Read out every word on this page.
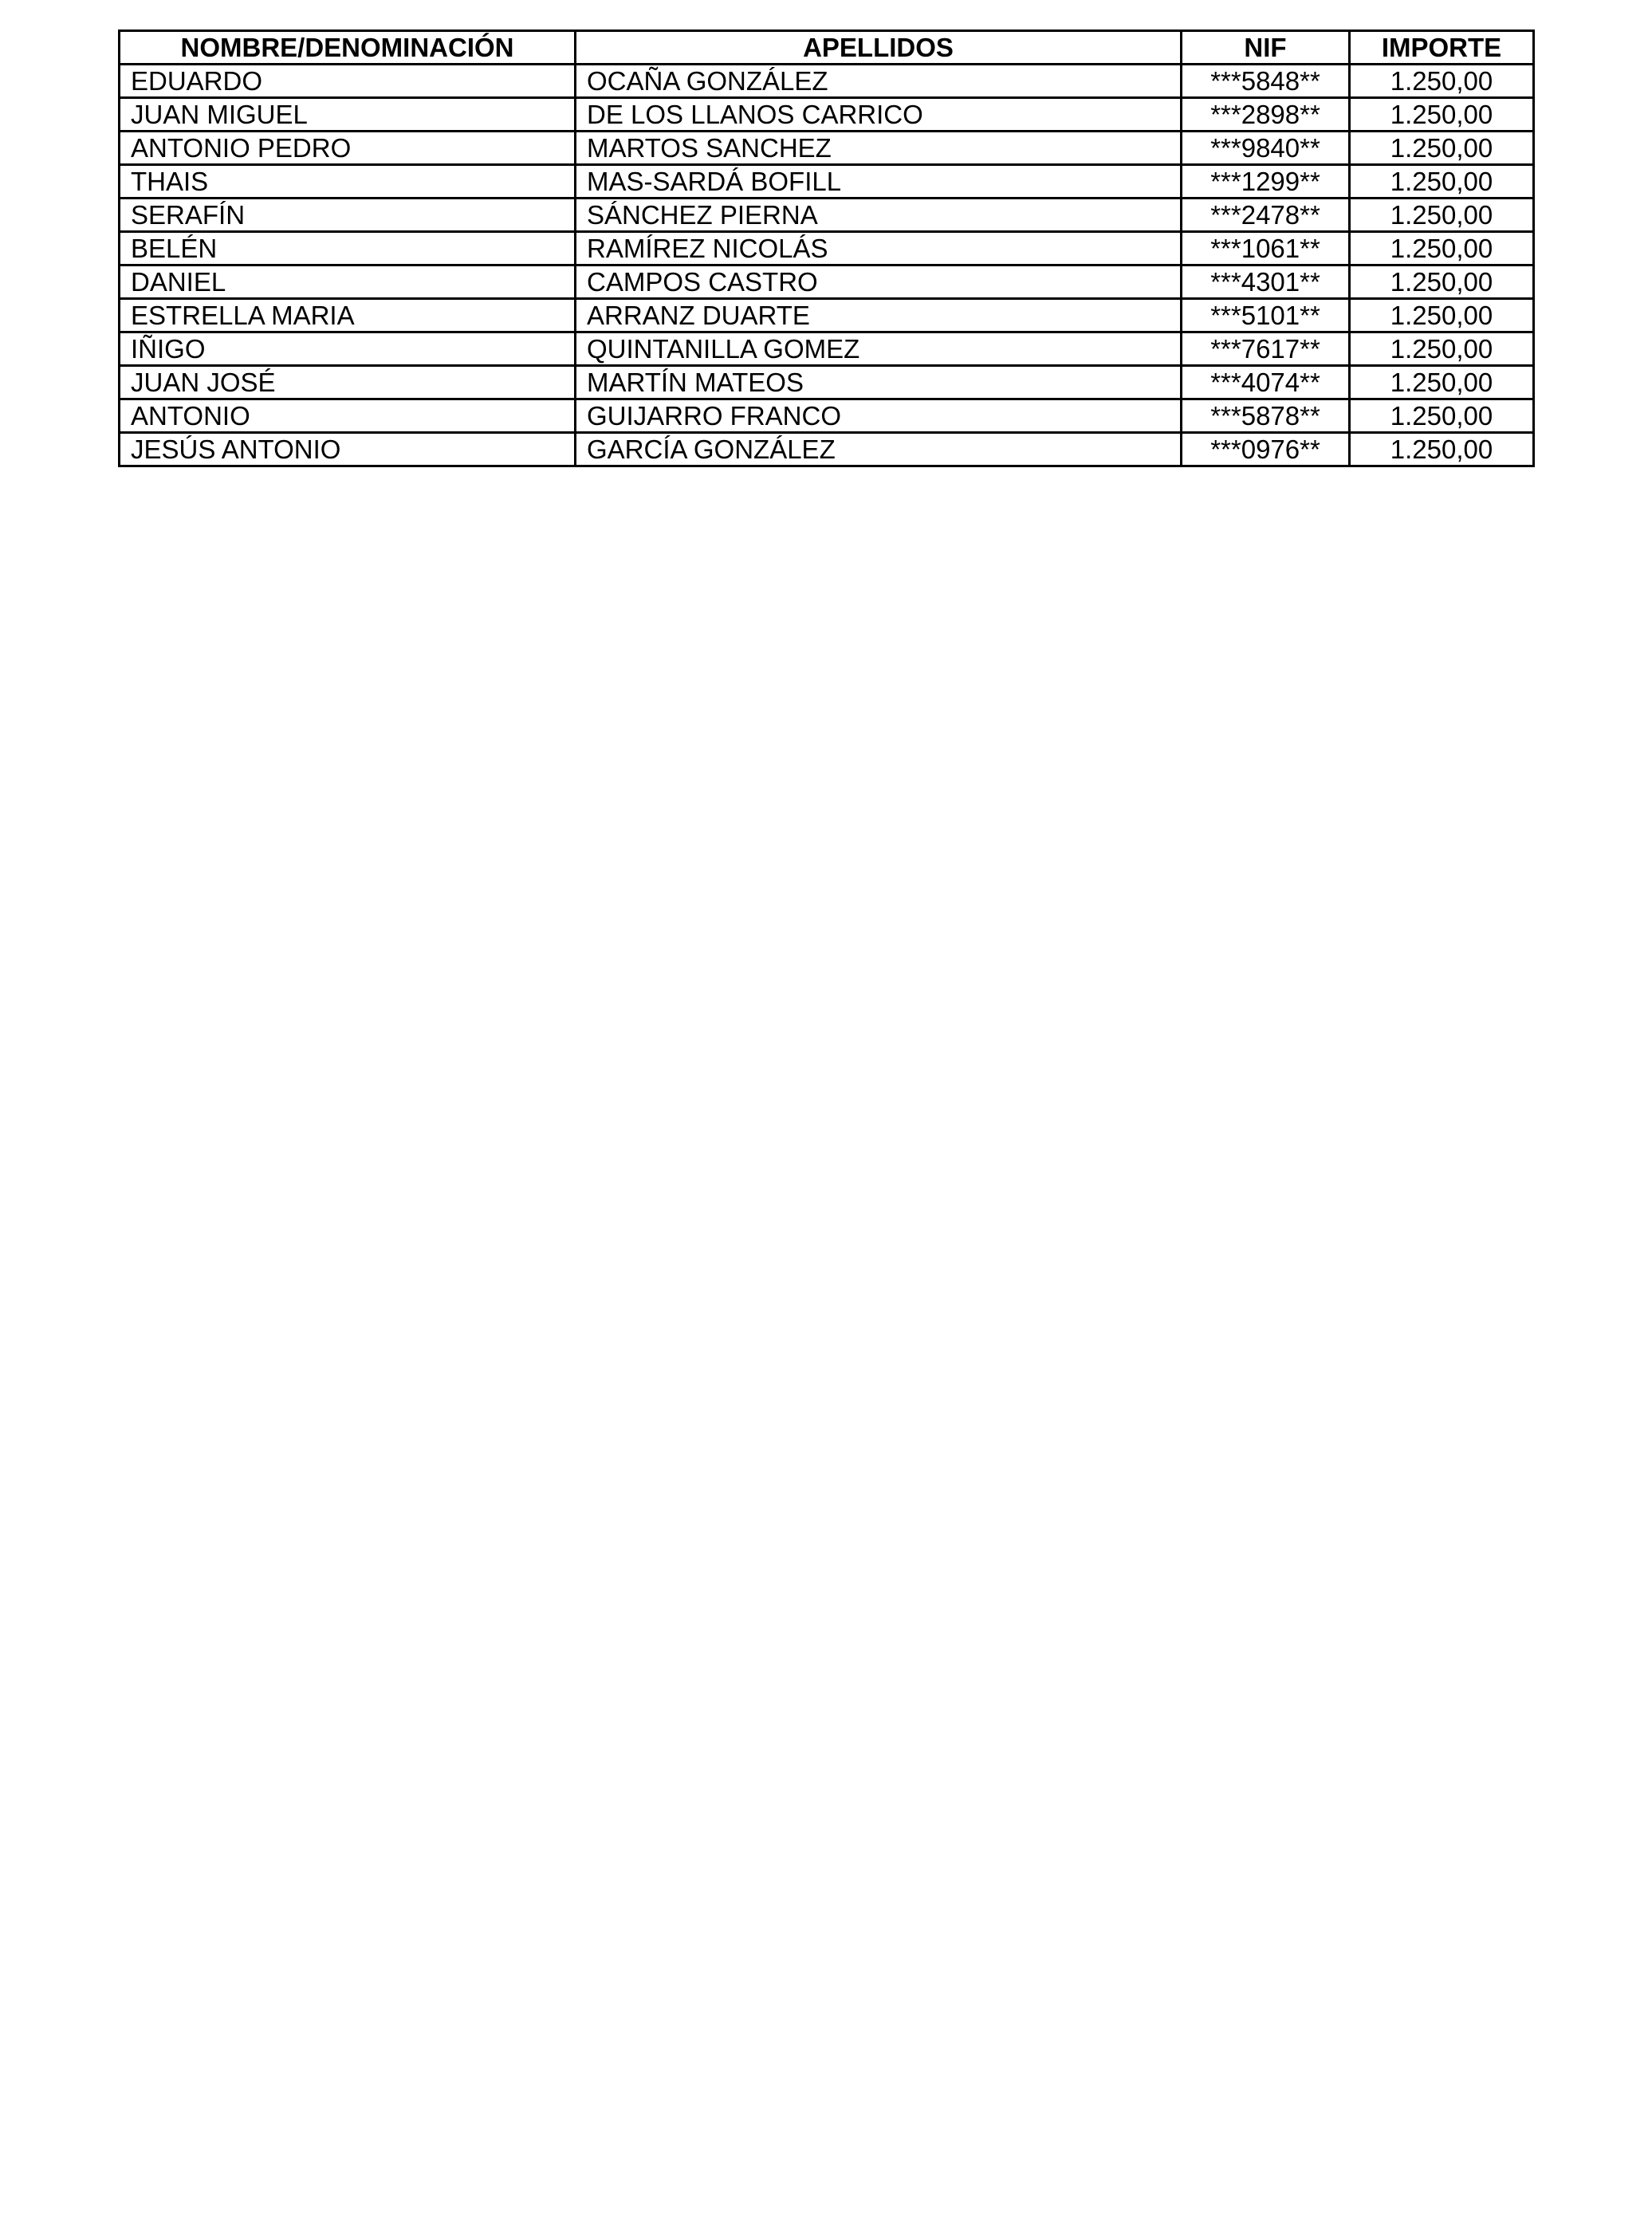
NOMBRE/DENOMINACIÓN	APELLIDOS	NIF	IMPORTE
EDUARDO	OCAÑA GONZÁLEZ	***5848**	1.250,00
JUAN MIGUEL	DE LOS LLANOS CARRICO	***2898**	1.250,00
ANTONIO PEDRO	MARTOS SANCHEZ	***9840**	1.250,00
THAIS	MAS-SARDÁ BOFILL	***1299**	1.250,00
SERAFÍN	SÁNCHEZ PIERNA	***2478**	1.250,00
BELÉN	RAMÍREZ NICOLÁS	***1061**	1.250,00
DANIEL	CAMPOS CASTRO	***4301**	1.250,00
ESTRELLA MARIA	ARRANZ DUARTE	***5101**	1.250,00
IÑIGO	QUINTANILLA GOMEZ	***7617**	1.250,00
JUAN JOSÉ	MARTÍN MATEOS	***4074**	1.250,00
ANTONIO	GUIJARRO FRANCO	***5878**	1.250,00
JESÚS ANTONIO	GARCÍA GONZÁLEZ	***0976**	1.250,00
